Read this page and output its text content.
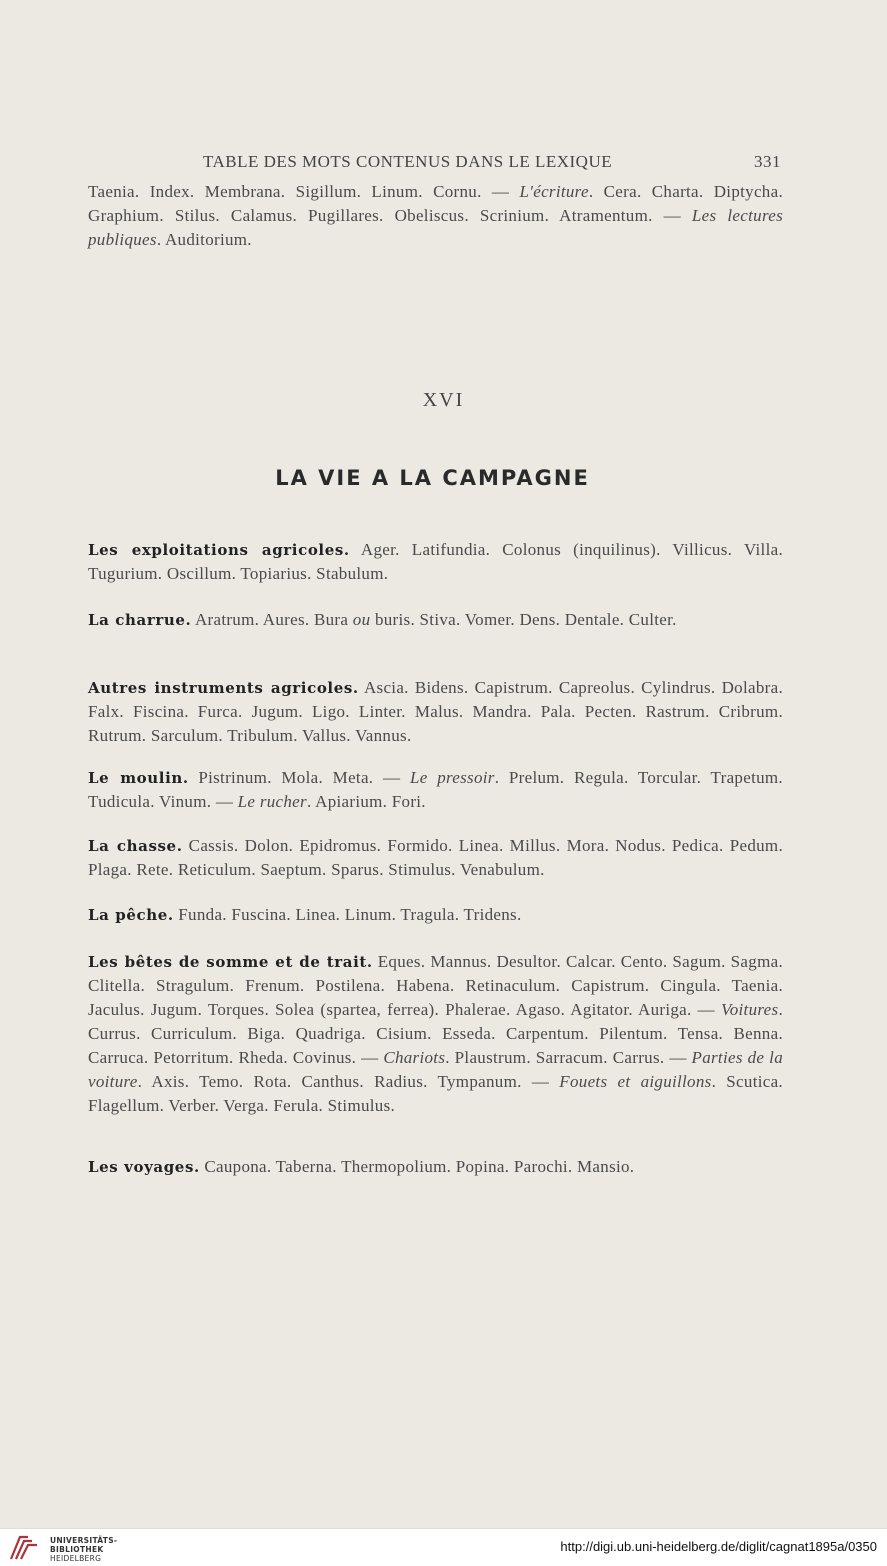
TABLE DES MOTS CONTENUS DANS LE LEXIQUE	331

Taenia. Index. Membrana. Sigillum. Linum. Cornu. — L'écriture. Cera. Charta. Diptycha. Graphium. Stilus. Calamus. Pugillares. Obeliscus. Scrinium. Atramentum. — Les lectures publiques. Auditorium.

XVI
LA VIE A LA CAMPAGNE

Les exploitations agricoles. Ager. Latifundia. Colonus (inquilinus). Villicus. Villa. Tugurium. Oscillum. Topiarius. Stabulum.

La charrue. Aratrum. Aures. Bura ou buris. Stiva. Vomer. Dens. Dentale. Culter.

Autres instruments agricoles. Ascia. Bidens. Capistrum. Capreolus. Cylindrus. Dolabra. Falx. Fiscina. Furca. Jugum. Ligo. Linter. Malus. Mandra. Pala. Pecten. Rastrum. Cribrum. Rutrum. Sarculum. Tribulum. Vallus. Vannus.

Le moulin. Pistrinum. Mola. Meta. — Le pressoir. Prelum. Regula. Torcular. Trapetum. Tudicula. Vinum. — Le rucher. Apiarium. Fori.

La chasse. Cassis. Dolon. Epidromus. Formido. Linea. Millus. Mora. Nodus. Pedica. Pedum. Plaga. Rete. Reticulum. Saeptum. Sparus. Stimulus. Venabulum.

La pêche. Funda. Fuscina. Linea. Linum. Tragula. Tridens.

Les bêtes de somme et de trait. Eques. Mannus. Desultor. Calcar. Cento. Sagum. Sagma. Clitella. Stragulum. Frenum. Postilena. Habena. Retinaculum. Capistrum. Cingula. Taenia. Jaculus. Jugum. Torques. Solea (spartea, ferrea). Phalerae. Agaso. Agitator. Auriga. — Voitures. Currus. Curriculum. Biga. Quadriga. Cisium. Esseda. Carpentum. Pilentum. Tensa. Benna. Carruca. Petorritum. Rheda. Covinus. — Chariots. Plaustrum. Sarracum. Carrus. — Parties de la voiture. Axis. Temo. Rota. Canthus. Radius. Tympanum. — Fouets et aiguillons. Scutica. Flagellum. Verber. Verga. Ferula. Stimulus.

Les voyages. Caupona. Taberna. Thermopolium. Popina. Parochi. Mansio.

UNIVERSITÄTS-
BIBLIOTHEK
HEIDELBERG
http://digi.ub.uni-heidelberg.de/diglit/cagnat1895a/0350
